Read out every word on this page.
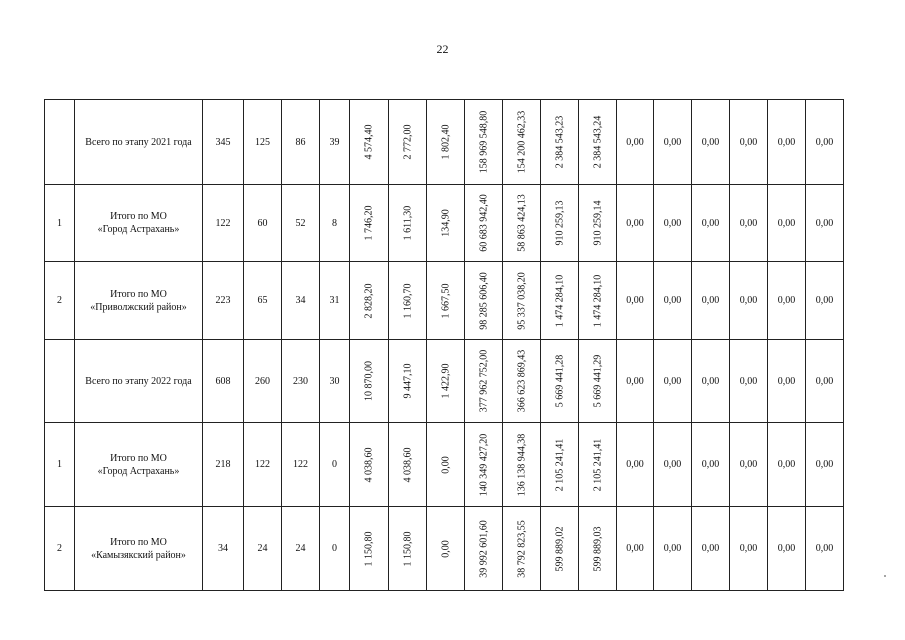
22

	Всего по этапу 2021 года	345	125	86	39	4 574,40	2 772,00	1 802,40	158 969 548,80	154 200 462,33	2 384 543,23	2 384 543,24	0,00	0,00	0,00	0,00	0,00	0,00
1	Итого по МО
«Город Астрахань»	122	60	52	8	1 746,20	1 611,30	134,90	60 683 942,40	58 863 424,13	910 259,13	910 259,14	0,00	0,00	0,00	0,00	0,00	0,00
2	Итого по МО
«Приволжский район»	223	65	34	31	2 828,20	1 160,70	1 667,50	98 285 606,40	95 337 038,20	1 474 284,10	1 474 284,10	0,00	0,00	0,00	0,00	0,00	0,00

	Всего по этапу 2022 года	608	260	230	30	10 870,00	9 447,10	1 422,90	377 962 752,00	366 623 869,43	5 669 441,28	5 669 441,29	0,00	0,00	0,00	0,00	0,00	0,00
1	Итого по МО
«Город Астрахань»	218	122	122	0	4 038,60	4 038,60	0,00	140 349 427,20	136 138 944,38	2 105 241,41	2 105 241,41	0,00	0,00	0,00	0,00	0,00	0,00
2	Итого по МО
«Камызякский район»	34	24	24	0	1 150,80	1 150,80	0,00	39 992 601,60	38 792 823,55	599 889,02	599 889,03	0,00	0,00	0,00	0,00	0,00	0,00
